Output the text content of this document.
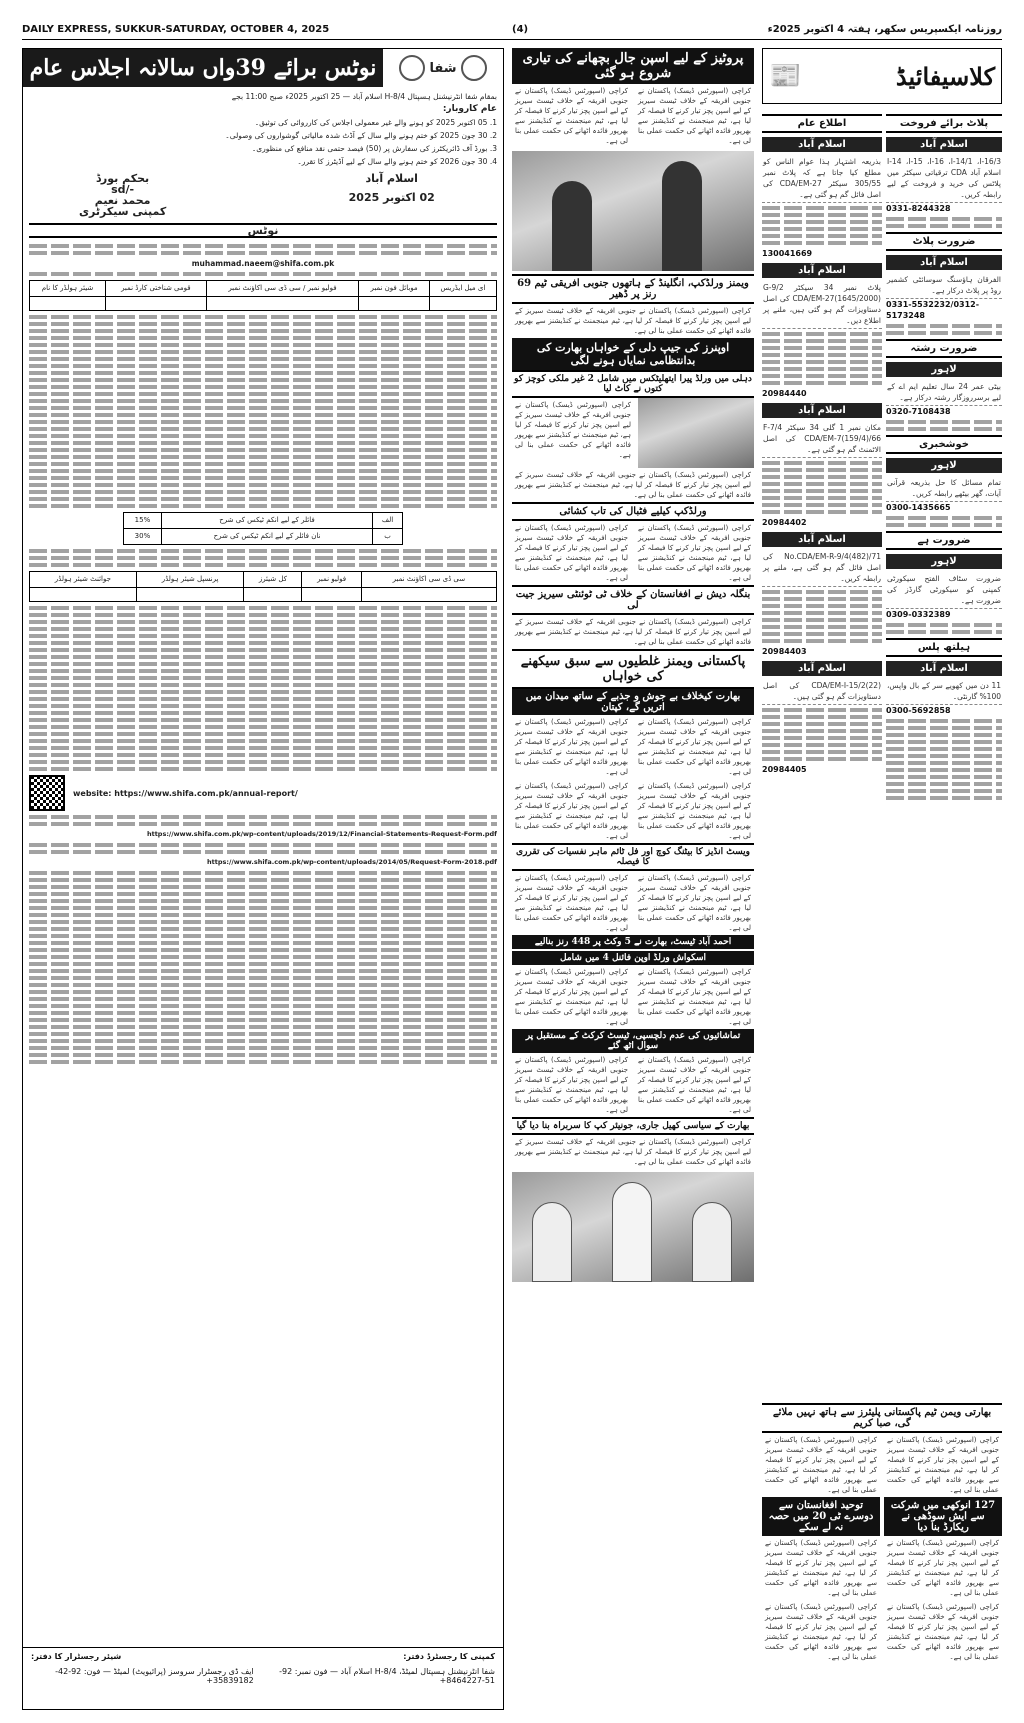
DAILY EXPRESS, SUKKUR-SATURDAY, OCTOBER 4, 2025	(4)	روزنامہ ایکسپریس سکھر، ہفتہ 4 اکتوبر 2025ء
نوٹس برائے 39واں سالانہ اجلاس عام	شفا

بمقام شفا انٹرنیشنل ہسپتال H-8/4 اسلام آباد — 25 اکتوبر 2025ء صبح 11:00 بجے

عام کاروبار:

1. 05 اکتوبر 2025 کو ہونے والے غیر معمولی اجلاس کی کارروائی کی توثیق۔

2. 30 جون 2025 کو ختم ہونے والے سال کے آڈٹ شدہ مالیاتی گوشواروں کی وصولی۔

3. بورڈ آف ڈائریکٹرز کی سفارش پر (50) فیصد حتمی نقد منافع کی منظوری۔

4. 30 جون 2026 کو ختم ہونے والے سال کے لیے آڈیٹرز کا تقرر۔

اسلام آباد
02 اکتوبر 2025
بحکم بورڈ
sd/-
محمد نعیم
کمپنی سیکرٹری
نوٹس
muhammad.naeem@shifa.com.pk
ای میل ایڈریس	موبائل فون نمبر	فولیو نمبر / سی ڈی سی اکاؤنٹ نمبر	قومی شناختی کارڈ نمبر	شیئر ہولڈر کا نام

الف	فائلر کے لیے انکم ٹیکس کی شرح	15%
ب	نان فائلر کے لیے انکم ٹیکس کی شرح	30%
سی ڈی سی اکاؤنٹ نمبر	فولیو نمبر	کل شیئرز	پرنسپل شیئر ہولڈر	جوائنٹ شیئر ہولڈر

website: https://www.shifa.com.pk/annual-report/
https://www.shifa.com.pk/wp-content/uploads/2019/12/Financial-Statements-Request-Form.pdf
https://www.shifa.com.pk/wp-content/uploads/2014/05/Request-Form-2018.pdf
کمپنی کا رجسٹرڈ دفتر:
شیئر رجسٹرار کا دفتر:
شفا انٹرنیشنل ہسپتال لمیٹڈ، H-8/4 اسلام آباد — فون نمبر: 92-51-8464227+
ایف ڈی رجسٹرار سروسز (پرائیویٹ) لمیٹڈ — فون: 92-42-35839182+
پروٹیز کے لیے اسپن جال بچھانے کی تیاری شروع ہو گئی
کراچی (اسپورٹس ڈیسک) پاکستان نے جنوبی افریقہ کے خلاف ٹیسٹ سیریز کے لیے اسپن پچز تیار کرنے کا فیصلہ کر لیا ہے، ٹیم مینجمنٹ نے کنڈیشنز سے بھرپور فائدہ اٹھانے کی حکمت عملی بنا لی ہے۔
کراچی (اسپورٹس ڈیسک) پاکستان نے جنوبی افریقہ کے خلاف ٹیسٹ سیریز کے لیے اسپن پچز تیار کرنے کا فیصلہ کر لیا ہے، ٹیم مینجمنٹ نے کنڈیشنز سے بھرپور فائدہ اٹھانے کی حکمت عملی بنا لی ہے۔
ویمنز ورلڈکپ، انگلینڈ کے ہاتھوں جنوبی افریقی ٹیم 69 رنز پر ڈھیر
کراچی (اسپورٹس ڈیسک) پاکستان نے جنوبی افریقہ کے خلاف ٹیسٹ سیریز کے لیے اسپن پچز تیار کرنے کا فیصلہ کر لیا ہے، ٹیم مینجمنٹ نے کنڈیشنز سے بھرپور فائدہ اٹھانے کی حکمت عملی بنا لی ہے۔
اوپنرز کی جیپ دلی کے خواہاں بھارت کی بدانتظامی نمایاں ہونے لگی
دہلی میں ورلڈ پیرا ایتھلیٹکس میں شامل 2 غیر ملکی کوچز کو کتوں نے کاٹ لیا
کراچی (اسپورٹس ڈیسک) پاکستان نے جنوبی افریقہ کے خلاف ٹیسٹ سیریز کے لیے اسپن پچز تیار کرنے کا فیصلہ کر لیا ہے، ٹیم مینجمنٹ نے کنڈیشنز سے بھرپور فائدہ اٹھانے کی حکمت عملی بنا لی ہے۔
کراچی (اسپورٹس ڈیسک) پاکستان نے جنوبی افریقہ کے خلاف ٹیسٹ سیریز کے لیے اسپن پچز تیار کرنے کا فیصلہ کر لیا ہے، ٹیم مینجمنٹ نے کنڈیشنز سے بھرپور فائدہ اٹھانے کی حکمت عملی بنا لی ہے۔
ورلڈکپ کیلیے فٹبال کی تاب کشائی
کراچی (اسپورٹس ڈیسک) پاکستان نے جنوبی افریقہ کے خلاف ٹیسٹ سیریز کے لیے اسپن پچز تیار کرنے کا فیصلہ کر لیا ہے، ٹیم مینجمنٹ نے کنڈیشنز سے بھرپور فائدہ اٹھانے کی حکمت عملی بنا لی ہے۔
کراچی (اسپورٹس ڈیسک) پاکستان نے جنوبی افریقہ کے خلاف ٹیسٹ سیریز کے لیے اسپن پچز تیار کرنے کا فیصلہ کر لیا ہے، ٹیم مینجمنٹ نے کنڈیشنز سے بھرپور فائدہ اٹھانے کی حکمت عملی بنا لی ہے۔
بنگلہ دیش نے افغانستان کے خلاف ٹی ٹوئنٹی سیریز جیت لی
کراچی (اسپورٹس ڈیسک) پاکستان نے جنوبی افریقہ کے خلاف ٹیسٹ سیریز کے لیے اسپن پچز تیار کرنے کا فیصلہ کر لیا ہے، ٹیم مینجمنٹ نے کنڈیشنز سے بھرپور فائدہ اٹھانے کی حکمت عملی بنا لی ہے۔
پاکستانی ویمنز غلطیوں سے سبق سیکھنے کی خواہاں
بھارت کیخلاف بے جوش و جذبے کے ساتھ میدان میں اتریں گے، کپتان
کراچی (اسپورٹس ڈیسک) پاکستان نے جنوبی افریقہ کے خلاف ٹیسٹ سیریز کے لیے اسپن پچز تیار کرنے کا فیصلہ کر لیا ہے، ٹیم مینجمنٹ نے کنڈیشنز سے بھرپور فائدہ اٹھانے کی حکمت عملی بنا لی ہے۔
کراچی (اسپورٹس ڈیسک) پاکستان نے جنوبی افریقہ کے خلاف ٹیسٹ سیریز کے لیے اسپن پچز تیار کرنے کا فیصلہ کر لیا ہے، ٹیم مینجمنٹ نے کنڈیشنز سے بھرپور فائدہ اٹھانے کی حکمت عملی بنا لی ہے۔
کراچی (اسپورٹس ڈیسک) پاکستان نے جنوبی افریقہ کے خلاف ٹیسٹ سیریز کے لیے اسپن پچز تیار کرنے کا فیصلہ کر لیا ہے، ٹیم مینجمنٹ نے کنڈیشنز سے بھرپور فائدہ اٹھانے کی حکمت عملی بنا لی ہے۔
کراچی (اسپورٹس ڈیسک) پاکستان نے جنوبی افریقہ کے خلاف ٹیسٹ سیریز کے لیے اسپن پچز تیار کرنے کا فیصلہ کر لیا ہے، ٹیم مینجمنٹ نے کنڈیشنز سے بھرپور فائدہ اٹھانے کی حکمت عملی بنا لی ہے۔
ویسٹ انڈیز کا بیٹنگ کوچ اور فل ٹائم ماہر نفسیات کی تقرری کا فیصلہ
کراچی (اسپورٹس ڈیسک) پاکستان نے جنوبی افریقہ کے خلاف ٹیسٹ سیریز کے لیے اسپن پچز تیار کرنے کا فیصلہ کر لیا ہے، ٹیم مینجمنٹ نے کنڈیشنز سے بھرپور فائدہ اٹھانے کی حکمت عملی بنا لی ہے۔
کراچی (اسپورٹس ڈیسک) پاکستان نے جنوبی افریقہ کے خلاف ٹیسٹ سیریز کے لیے اسپن پچز تیار کرنے کا فیصلہ کر لیا ہے، ٹیم مینجمنٹ نے کنڈیشنز سے بھرپور فائدہ اٹھانے کی حکمت عملی بنا لی ہے۔
احمد آباد ٹیسٹ، بھارت نے 5 وکٹ پر 448 رنز بنالیے
اسکواش ورلڈ اوپن فائنل 4 میں شامل
کراچی (اسپورٹس ڈیسک) پاکستان نے جنوبی افریقہ کے خلاف ٹیسٹ سیریز کے لیے اسپن پچز تیار کرنے کا فیصلہ کر لیا ہے، ٹیم مینجمنٹ نے کنڈیشنز سے بھرپور فائدہ اٹھانے کی حکمت عملی بنا لی ہے۔
کراچی (اسپورٹس ڈیسک) پاکستان نے جنوبی افریقہ کے خلاف ٹیسٹ سیریز کے لیے اسپن پچز تیار کرنے کا فیصلہ کر لیا ہے، ٹیم مینجمنٹ نے کنڈیشنز سے بھرپور فائدہ اٹھانے کی حکمت عملی بنا لی ہے۔
تماشائیوں کی عدم دلچسپی، ٹیسٹ کرکٹ کے مستقبل پر سوال اٹھ گئے
کراچی (اسپورٹس ڈیسک) پاکستان نے جنوبی افریقہ کے خلاف ٹیسٹ سیریز کے لیے اسپن پچز تیار کرنے کا فیصلہ کر لیا ہے، ٹیم مینجمنٹ نے کنڈیشنز سے بھرپور فائدہ اٹھانے کی حکمت عملی بنا لی ہے۔
کراچی (اسپورٹس ڈیسک) پاکستان نے جنوبی افریقہ کے خلاف ٹیسٹ سیریز کے لیے اسپن پچز تیار کرنے کا فیصلہ کر لیا ہے، ٹیم مینجمنٹ نے کنڈیشنز سے بھرپور فائدہ اٹھانے کی حکمت عملی بنا لی ہے۔
بھارت کے سیاسی کھیل جاری، جونیئر کپ کا سربراہ بنا دیا گیا
کراچی (اسپورٹس ڈیسک) پاکستان نے جنوبی افریقہ کے خلاف ٹیسٹ سیریز کے لیے اسپن پچز تیار کرنے کا فیصلہ کر لیا ہے، ٹیم مینجمنٹ نے کنڈیشنز سے بھرپور فائدہ اٹھانے کی حکمت عملی بنا لی ہے۔
📰	کلاسیفائیڈ
اطلاع عام
اسلام آباد
بذریعہ اشتہار ہذا عوام الناس کو مطلع کیا جاتا ہے کہ پلاٹ نمبر 305/55 سیکٹر CDA/EM-27 کی اصل فائل گم ہو گئی ہے۔
130041669
اسلام آباد
پلاٹ نمبر 34 سیکٹر G-9/2 CDA/EM-27(1645/2000) کی اصل دستاویزات گم ہو گئی ہیں، ملنے پر اطلاع دیں۔
20984440
اسلام آباد
مکان نمبر 1 گلی 34 سیکٹر F-7/4 CDA/EM-7(159/4)/66 کی اصل الاٹمنٹ گم ہو گئی ہے۔
20984402
اسلام آباد
No.CDA/EM-R-9/4(482)/71 کی اصل فائل گم ہو گئی ہے، ملنے پر رابطہ کریں۔
20984403
اسلام آباد
CDA/EM-I-15/2(22) کی اصل دستاویزات گم ہو گئی ہیں۔
20984405
پلاٹ برائے فروخت
اسلام آباد
I-14 ،I-15 ،I-16 ،I-14/1 ،I-16/3 اسلام آباد CDA ترقیاتی سیکٹر میں پلاٹس کی خرید و فروخت کے لیے رابطہ کریں۔
0331-8244328
ضرورت پلاٹ
اسلام آباد
الفرقان ہاؤسنگ سوسائٹی کشمیر روڈ پر پلاٹ درکار ہے۔
0331-5532232/0312-5173248
ضرورت رشتہ
لاہور
بیٹی عمر 24 سال تعلیم ایم اے کے لیے برسرروزگار رشتہ درکار ہے۔
0320-7108438
خوشخبری
لاہور
تمام مسائل کا حل بذریعہ قرآنی آیات، گھر بیٹھے رابطہ کریں۔
0300-1435665
ضرورت ہے
لاہور
ضرورت سٹاف الفتح سیکورٹی کمپنی کو سیکورٹی گارڈز کی ضرورت ہے۔
0309-0332389
ہیلتھ پلس
اسلام آباد
11 دن میں کھویے سر کے بال واپس، 100% گارنٹی۔
0300-5692858
بھارتی ویمن ٹیم پاکستانی پلیئرز سے ہاتھ نہیں ملائے گی، صبا کریم
کراچی (اسپورٹس ڈیسک) پاکستان نے جنوبی افریقہ کے خلاف ٹیسٹ سیریز کے لیے اسپن پچز تیار کرنے کا فیصلہ کر لیا ہے، ٹیم مینجمنٹ نے کنڈیشنز سے بھرپور فائدہ اٹھانے کی حکمت عملی بنا لی ہے۔
کراچی (اسپورٹس ڈیسک) پاکستان نے جنوبی افریقہ کے خلاف ٹیسٹ سیریز کے لیے اسپن پچز تیار کرنے کا فیصلہ کر لیا ہے، ٹیم مینجمنٹ نے کنڈیشنز سے بھرپور فائدہ اٹھانے کی حکمت عملی بنا لی ہے۔
توحید افغانستان سے دوسرے ٹی 20 میں حصہ نہ لے سکے
کراچی (اسپورٹس ڈیسک) پاکستان نے جنوبی افریقہ کے خلاف ٹیسٹ سیریز کے لیے اسپن پچز تیار کرنے کا فیصلہ کر لیا ہے، ٹیم مینجمنٹ نے کنڈیشنز سے بھرپور فائدہ اٹھانے کی حکمت عملی بنا لی ہے۔
کراچی (اسپورٹس ڈیسک) پاکستان نے جنوبی افریقہ کے خلاف ٹیسٹ سیریز کے لیے اسپن پچز تیار کرنے کا فیصلہ کر لیا ہے، ٹیم مینجمنٹ نے کنڈیشنز سے بھرپور فائدہ اٹھانے کی حکمت عملی بنا لی ہے۔
127 انوکھی میں شرکت سے ایش سوڈھی نے ریکارڈ بنا دیا
کراچی (اسپورٹس ڈیسک) پاکستان نے جنوبی افریقہ کے خلاف ٹیسٹ سیریز کے لیے اسپن پچز تیار کرنے کا فیصلہ کر لیا ہے، ٹیم مینجمنٹ نے کنڈیشنز سے بھرپور فائدہ اٹھانے کی حکمت عملی بنا لی ہے۔
کراچی (اسپورٹس ڈیسک) پاکستان نے جنوبی افریقہ کے خلاف ٹیسٹ سیریز کے لیے اسپن پچز تیار کرنے کا فیصلہ کر لیا ہے، ٹیم مینجمنٹ نے کنڈیشنز سے بھرپور فائدہ اٹھانے کی حکمت عملی بنا لی ہے۔
